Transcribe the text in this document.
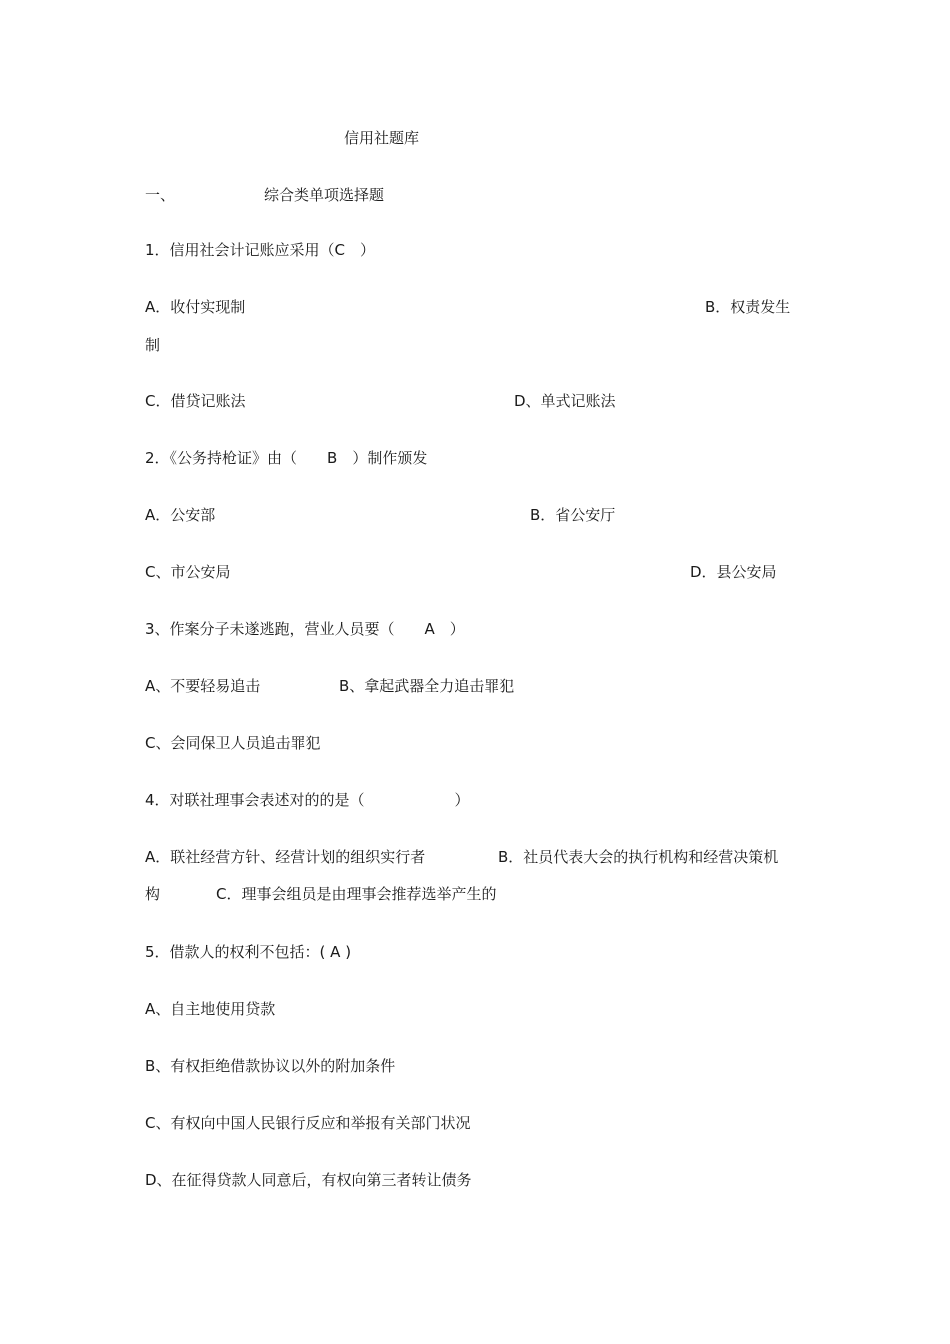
信用社题库
一、	综合类单项选择题
1．信用社会计记账应采用（C　）
A．收付实现制	B．权责发生
制
C．借贷记账法	D、单式记账法
2．《公务持枪证》由（　　B　）制作颁发
A．公安部	B．省公安厅
C、市公安局	D．县公安局
3、作案分子未遂逃跑，营业人员要（　　A　）
A、不要轻易追击	B、拿起武器全力追击罪犯
C、会同保卫人员追击罪犯
4．对联社理事会表述对的的是（　　　　　　）
A．联社经营方针、经营计划的组织实行者	B．社员代表大会的执行机构和经营决策机
构	C．理事会组员是由理事会推荐选举产生的
5．借款人的权利不包括：( A )
A、自主地使用贷款
B、有权拒绝借款协议以外的附加条件
C、有权向中国人民银行反应和举报有关部门状况
D、在征得贷款人同意后，有权向第三者转让债务
